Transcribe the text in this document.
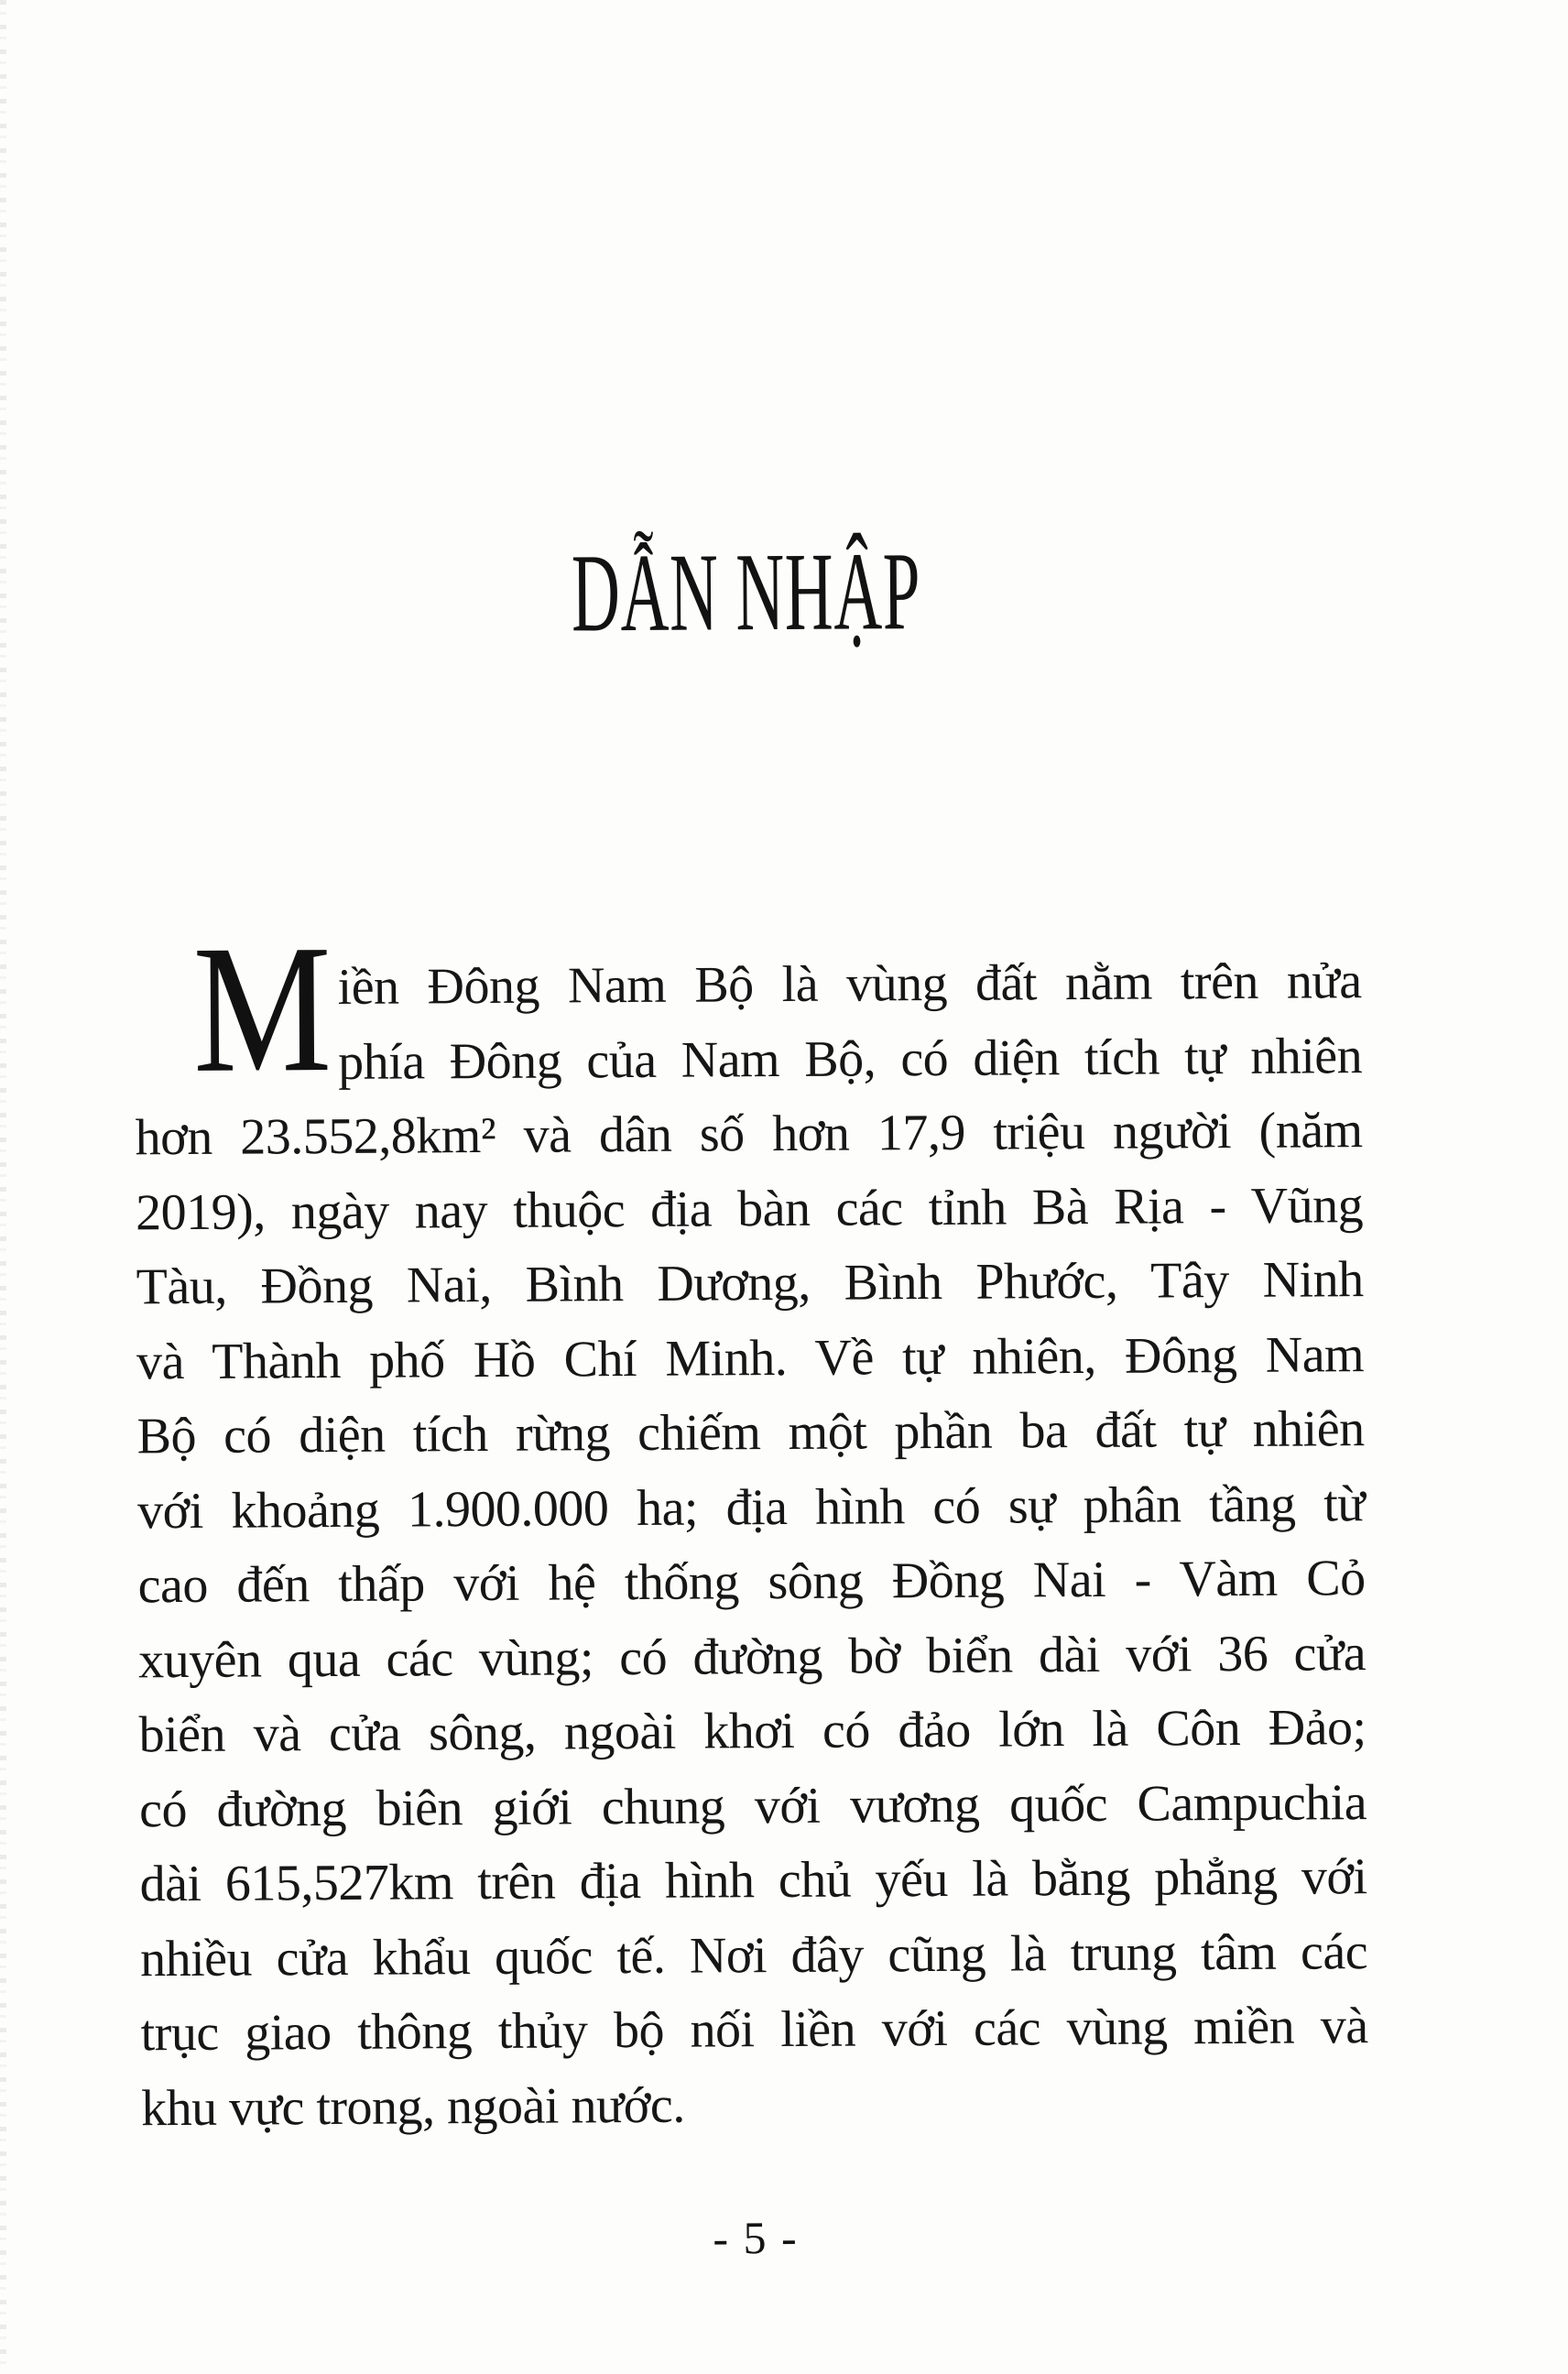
DẪN NHẬP
M iền Đông Nam Bộ là vùng đất nằm trên nửa
phía Đông của Nam Bộ, có diện tích tự nhiên
hơn 23.552,8km² và dân số hơn 17,9 triệu người (năm
2019), ngày nay thuộc địa bàn các tỉnh Bà Rịa - Vũng
Tàu, Đồng Nai, Bình Dương, Bình Phước, Tây Ninh
và Thành phố Hồ Chí Minh. Về tự nhiên, Đông Nam
Bộ có diện tích rừng chiếm một phần ba đất tự nhiên
với khoảng 1.900.000 ha; địa hình có sự phân tầng từ
cao đến thấp với hệ thống sông Đồng Nai - Vàm Cỏ
xuyên qua các vùng; có đường bờ biển dài với 36 cửa
biển và cửa sông, ngoài khơi có đảo lớn là Côn Đảo;
có đường biên giới chung với vương quốc Campuchia
dài 615,527km trên địa hình chủ yếu là bằng phẳng với
nhiều cửa khẩu quốc tế. Nơi đây cũng là trung tâm các
trục giao thông thủy bộ nối liền với các vùng miền và
khu vực trong, ngoài nước.
- 5 -
